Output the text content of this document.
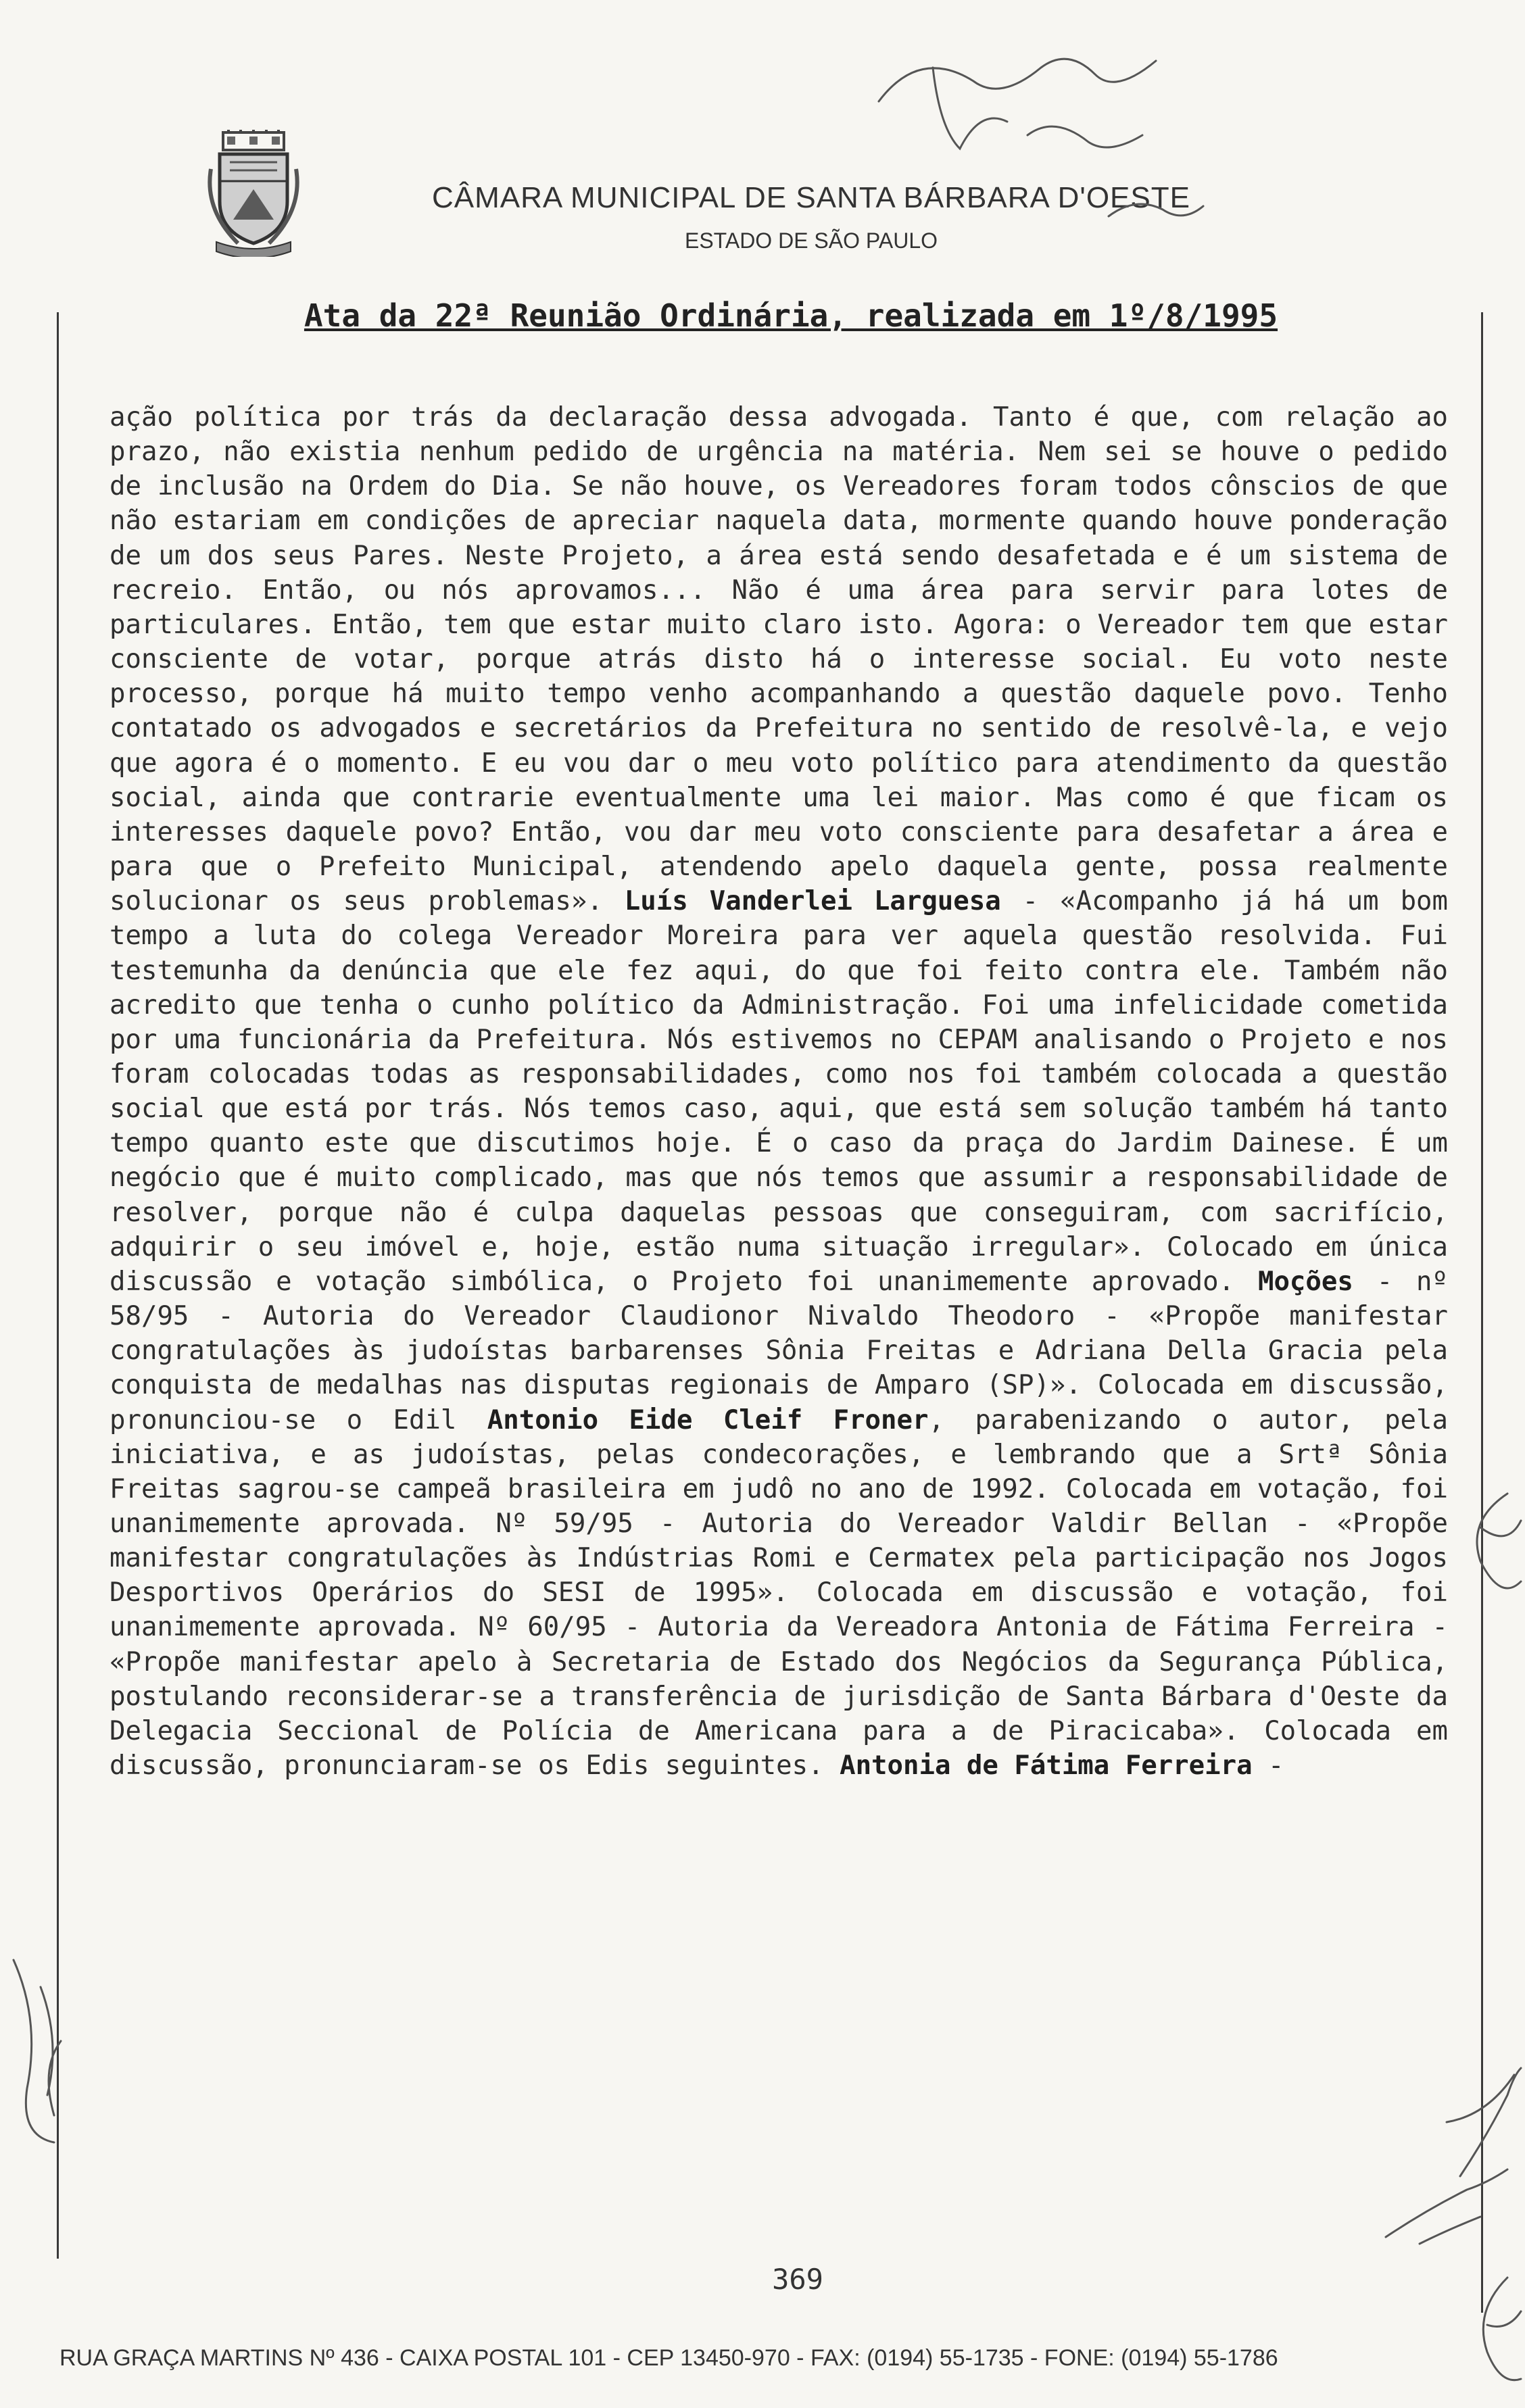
CÂMARA MUNICIPAL DE SANTA BÁRBARA D'OESTE
ESTADO DE SÃO PAULO
Ata da 22ª Reunião Ordinária, realizada em 1º/8/1995
ação política por trás da declaração dessa advogada. Tanto é que, com relação ao prazo, não existia nenhum pedido de urgência na matéria. Nem sei se houve o pedido de inclusão na Ordem do Dia. Se não houve, os Vereadores foram todos cônscios de que não estariam em condições de apreciar naquela data, mormente quando houve ponderação de um dos seus Pares. Neste Projeto, a área está sendo desafetada e é um sistema de recreio. Então, ou nós aprovamos... Não é uma área para servir para lotes de particulares. Então, tem que estar muito claro isto. Agora: o Vereador tem que estar consciente de votar, porque atrás disto há o interesse social. Eu voto neste processo, porque há muito tempo venho acompanhando a questão daquele povo. Tenho contatado os advogados e secretários da Prefeitura no sentido de resolvê-la, e vejo que agora é o momento. E eu vou dar o meu voto político para atendimento da questão social, ainda que contrarie eventualmente uma lei maior. Mas como é que ficam os interesses daquele povo? Então, vou dar meu voto consciente para desafetar a área e para que o Prefeito Municipal, atendendo apelo daquela gente, possa realmente solucionar os seus problemas». Luís Vanderlei Larguesa - «Acompanho já há um bom tempo a luta do colega Vereador Moreira para ver aquela questão resolvida. Fui testemunha da denúncia que ele fez aqui, do que foi feito contra ele. Também não acredito que tenha o cunho político da Administração. Foi uma infelicidade cometida por uma funcionária da Prefeitura. Nós estivemos no CEPAM analisando o Projeto e nos foram colocadas todas as responsabilidades, como nos foi também colocada a questão social que está por trás. Nós temos caso, aqui, que está sem solução também há tanto tempo quanto este que discutimos hoje. É o caso da praça do Jardim Dainese. É um negócio que é muito complicado, mas que nós temos que assumir a responsabilidade de resolver, porque não é culpa daquelas pessoas que conseguiram, com sacrifício, adquirir o seu imóvel e, hoje, estão numa situação irregular». Colocado em única discussão e votação simbólica, o Projeto foi unanimemente aprovado. Moções - nº 58/95 - Autoria do Vereador Claudionor Nivaldo Theodoro - «Propõe manifestar congratulações às judoístas barbarenses Sônia Freitas e Adriana Della Gracia pela conquista de medalhas nas disputas regionais de Amparo (SP)». Colocada em discussão, pronunciou-se o Edil Antonio Eide Cleif Froner, parabenizando o autor, pela iniciativa, e as judoístas, pelas condecorações, e lembrando que a Srtª Sônia Freitas sagrou-se campeã brasileira em judô no ano de 1992. Colocada em votação, foi unanimemente aprovada. Nº 59/95 - Autoria do Vereador Valdir Bellan - «Propõe manifestar congratulações às Indústrias Romi e Cermatex pela participação nos Jogos Desportivos Operários do SESI de 1995». Colocada em discussão e votação, foi unanimemente aprovada. Nº 60/95 - Autoria da Vereadora Antonia de Fátima Ferreira - «Propõe manifestar apelo à Secretaria de Estado dos Negócios da Segurança Pública, postulando reconsiderar-se a transferência de jurisdição de Santa Bárbara d'Oeste da Delegacia Seccional de Polícia de Americana para a de Piracicaba». Colocada em discussão, pronunciaram-se os Edis seguintes. Antonia de Fátima Ferreira -
369
RUA GRAÇA MARTINS Nº 436 - CAIXA POSTAL 101 - CEP 13450-970 - FAX: (0194) 55-1735 - FONE: (0194) 55-1786
